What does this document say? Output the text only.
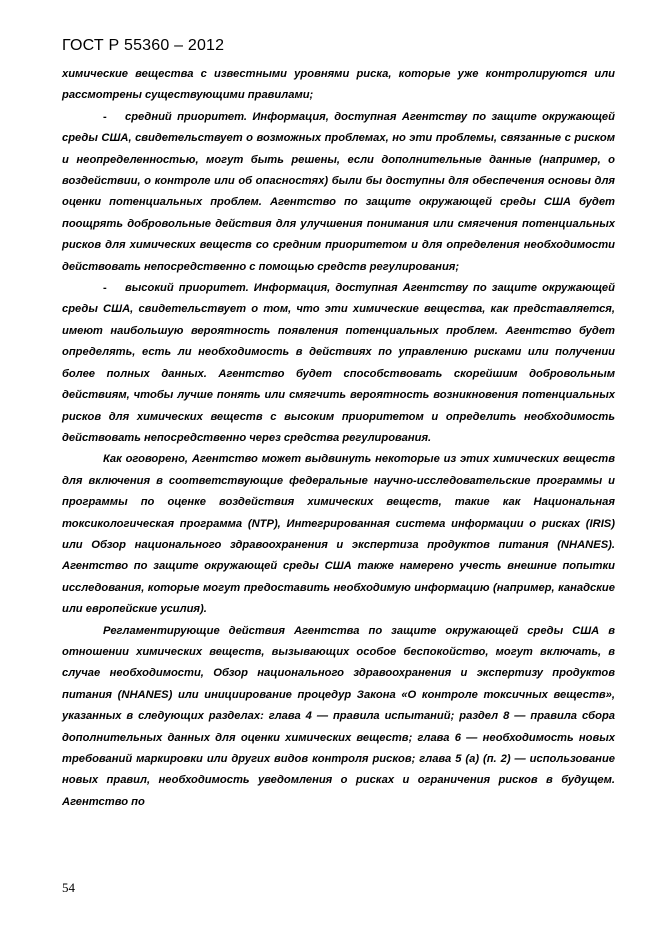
ГОСТ Р 55360 – 2012

химические вещества с известными уровнями риска, которые уже контролируются или рассмотрены существующими правилами;

- средний приоритет. Информация, доступная Агентству по защите окружающей среды США, свидетельствует о возможных проблемах, но эти проблемы, связанные с риском и неопределенностью, могут быть решены, если дополнительные данные (например, о воздействии, о контроле или об опасностях) были бы доступны для обеспечения основы для оценки потенциальных проблем. Агентство по защите окружающей среды США будет поощрять добровольные действия для улучшения понимания или смягчения потенциальных рисков для химических веществ со средним приоритетом и для определения необходимости действовать непосредственно с помощью средств регулирования;

- высокий приоритет. Информация, доступная Агентству по защите окружающей среды США, свидетельствует о том, что эти химические вещества, как представляется, имеют наибольшую вероятность появления потенциальных проблем. Агентство будет определять, есть ли необходимость в действиях по управлению рисками или получении более полных данных. Агентство будет способствовать скорейшим добровольным действиям, чтобы лучше понять или смягчить вероятность возникновения потенциальных рисков для химических веществ с высоким приоритетом и определить необходимость действовать непосредственно через средства регулирования.

Как оговорено, Агентство может выдвинуть некоторые из этих химических веществ для включения в соответствующие федеральные научно-исследовательские программы и программы по оценке воздействия химических веществ, такие как Национальная токсикологическая программа (NTP), Интегрированная система информации о рисках (IRIS) или Обзор национального здравоохранения и экспертиза продуктов питания (NHANES). Агентство по защите окружающей среды США также намерено учесть внешние попытки исследования, которые могут предоставить необходимую информацию (например, канадские или европейские усилия).

Регламентирующие действия Агентства по защите окружающей среды США в отношении химических веществ, вызывающих особое беспокойство, могут включать, в случае необходимости, Обзор национального здравоохранения и экспертизу продуктов питания (NHANES) или инициирование процедур Закона «О контроле токсичных веществ», указанных в следующих разделах: глава 4 — правила испытаний; раздел 8 — правила сбора дополнительных данных для оценки химических веществ; глава 6 — необходимость новых требований маркировки или других видов контроля рисков; глава 5 (а) (п. 2) — использование новых правил, необходимость уведомления о рисках и ограничения рисков в будущем. Агентство по

54
